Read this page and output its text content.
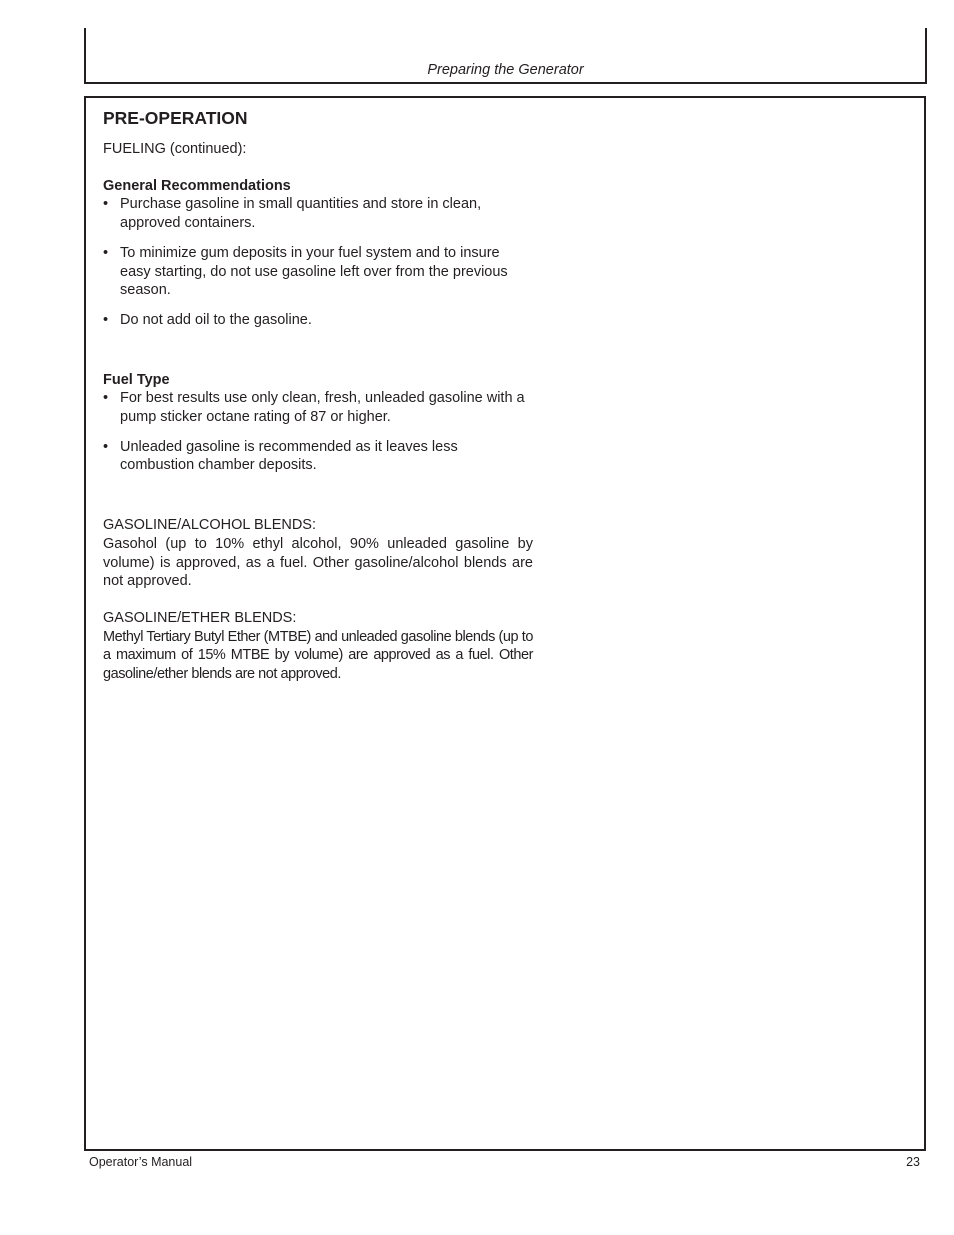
Preparing the Generator
PRE-OPERATION

FUELING (continued):

General Recommendations

• Purchase gasoline in small quantities and store in clean, approved containers.
• To minimize gum deposits in your fuel system and to insure easy starting, do not use gasoline left over from the previous season.
• Do not add oil to the gasoline.

Fuel Type

• For best results use only clean, fresh, unleaded gasoline with a pump sticker octane rating of 87 or higher.
• Unleaded gasoline is recommended as it leaves less combustion chamber deposits.

GASOLINE/ALCOHOL BLENDS:

Gasohol (up to 10% ethyl alcohol, 90% unleaded gasoline by volume) is approved, as a fuel. Other gasoline/alcohol blends are not approved.

GASOLINE/ETHER BLENDS:

Methyl Tertiary Butyl Ether (MTBE) and unleaded gasoline blends (up to a maximum of 15% MTBE by volume) are approved as a fuel. Other gasoline/ether blends are not approved.

Operator’s Manual	23
